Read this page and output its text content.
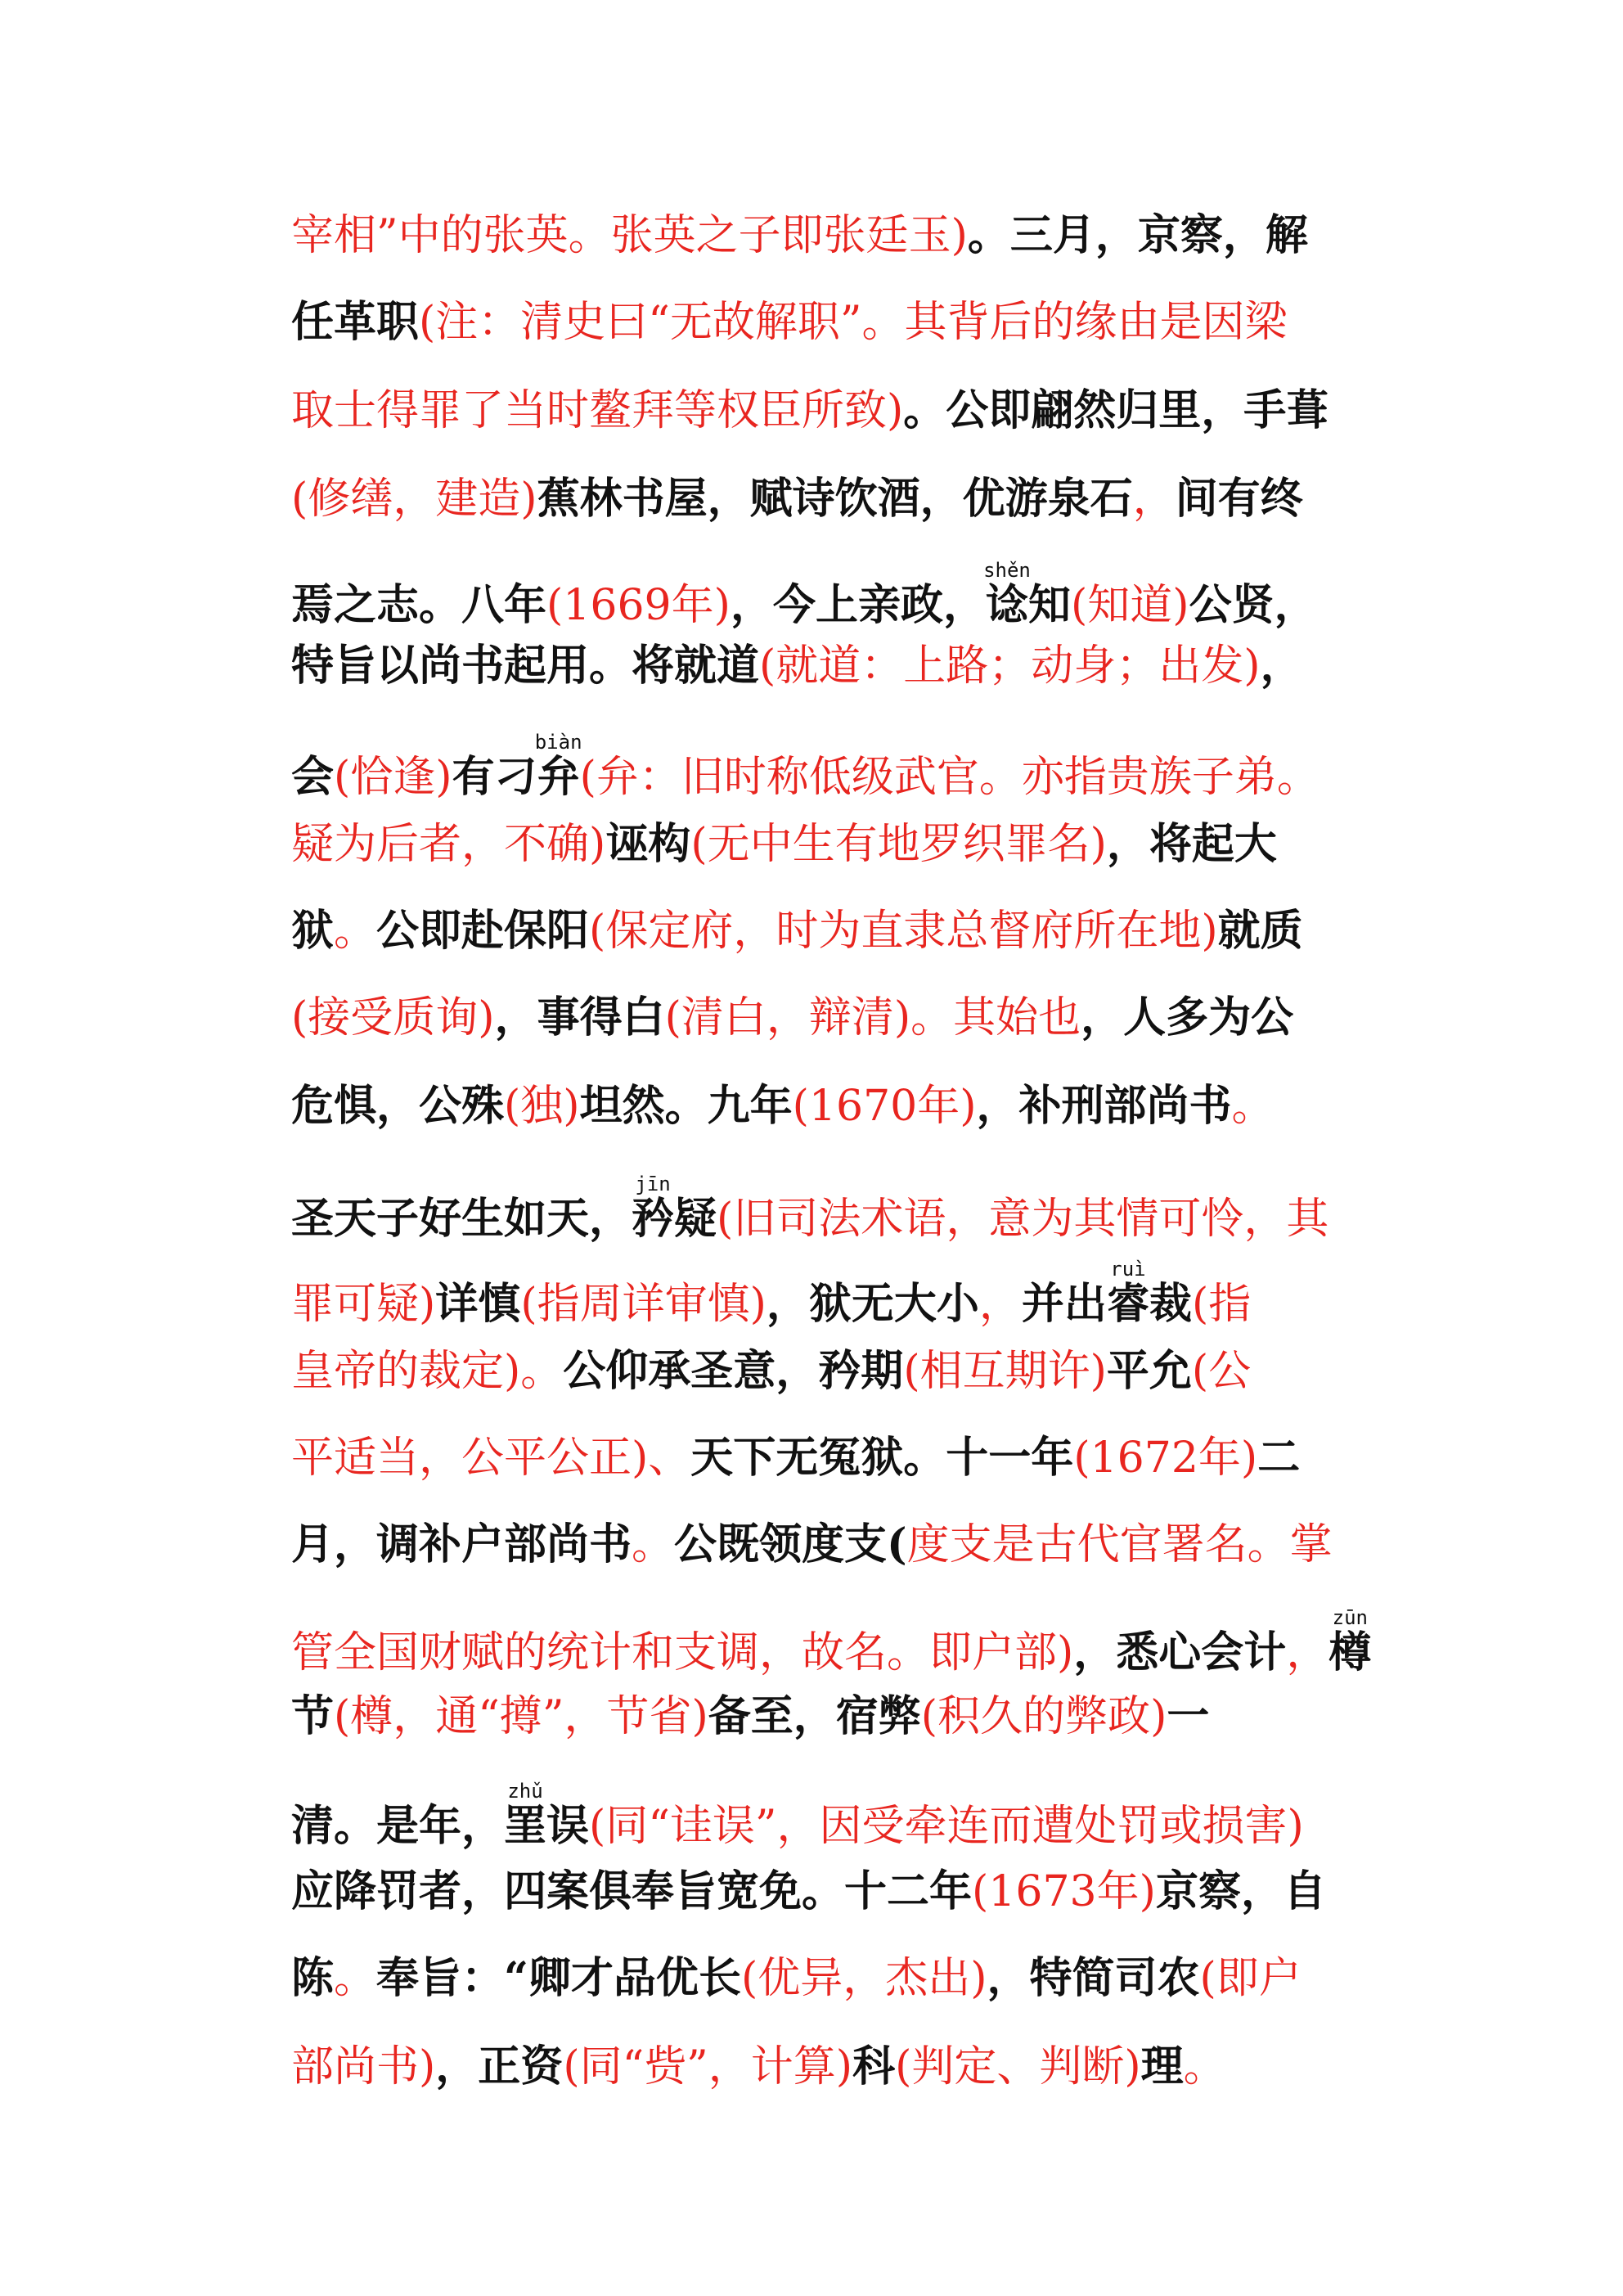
宰相”中的张英。张英之子即张廷玉)。三月，京察，解
任革职(注：清史曰“无故解职”。其背后的缘由是因梁
取士得罪了当时鳌拜等权臣所致)。公即翩然归里，手葺
(修缮，建造)蕉林书屋，赋诗饮酒，优游泉石，间有终
焉之志。八年(1669年)，今上亲政，谂shěn知(知道)公贤，
特旨以尚书起用。将就道(就道：上路；动身；出发)，
会(恰逢)有刁弁biàn(弁：旧时称低级武官。亦指贵族子弟。
疑为后者，不确)诬构(无中生有地罗织罪名)，将起大
狱。公即赴保阳(保定府，时为直隶总督府所在地)就质
(接受质询)，事得白(清白，辩清)。其始也，人多为公
危惧，公殊(独)坦然。九年(1670年)，补刑部尚书。
圣天子好生如天，矜jīn疑(旧司法术语，意为其情可怜，其
罪可疑)详慎(指周详审慎)，狱无大小，并出睿ruì裁(指
皇帝的裁定)。公仰承圣意，矜期(相互期许)平允(公
平适当，公平公正)、天下无冤狱。十一年(1672年)二
月，调补户部尚书。公既领度支(度支是古代官署名。掌
管全国财赋的统计和支调，故名。即户部)，悉心会计，樽zūn
节(樽，通“撙”，节省)备至，宿弊(积久的弊政)一
清。是年，罣zhǔ误(同“诖误”，因受牵连而遭处罚或损害)
应降罚者，四案俱奉旨宽免。十二年(1673年)京察，自
陈。奉旨：“卿才品优长(优异，杰出)，特简司农(即户
部尚书)，正资(同“赀”，计算)科(判定、判断)理。
